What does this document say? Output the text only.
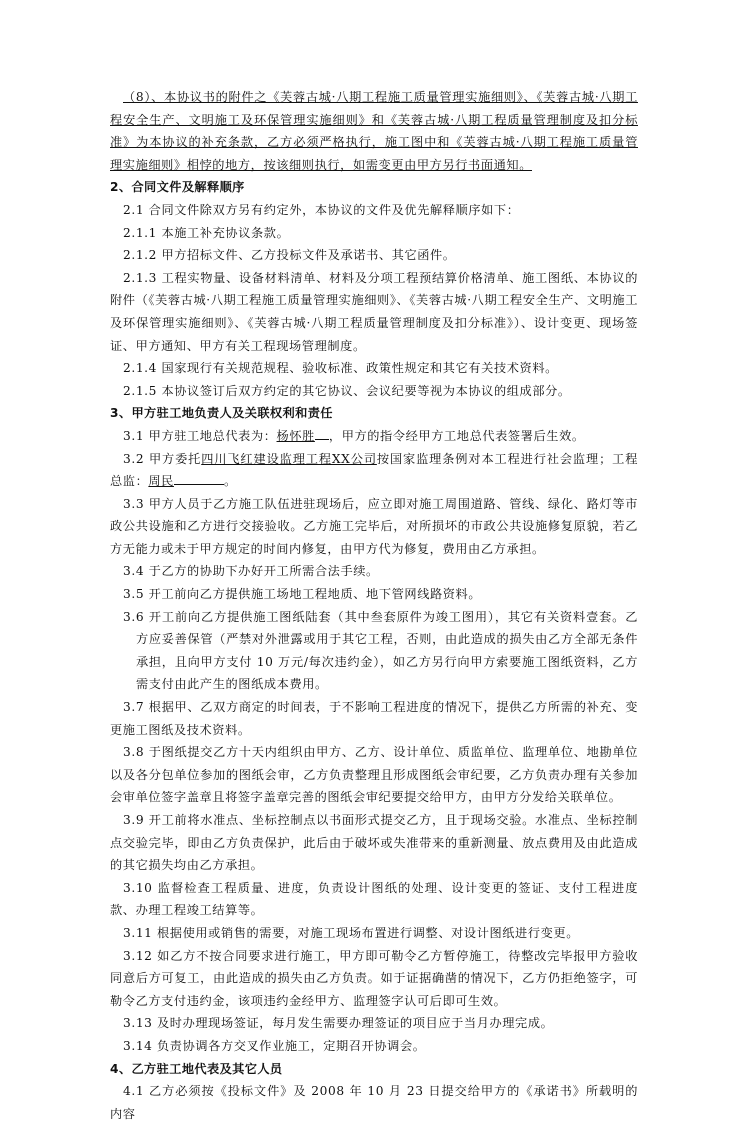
（8）、本协议书的附件之《芙蓉古城·八期工程施工质量管理实施细则》、《芙蓉古城·八期工程安全生产、文明施工及环保管理实施细则》和《芙蓉古城·八期工程质量管理制度及扣分标准》为本协议的补充条款，乙方必须严格执行，施工图中和《芙蓉古城·八期工程施工质量管理实施细则》相悖的地方，按该细则执行，如需变更由甲方另行书面通知。

2、合同文件及解释顺序

2.1 合同文件除双方另有约定外，本协议的文件及优先解释顺序如下：

2.1.1 本施工补充协议条款。

2.1.2 甲方招标文件、乙方投标文件及承诺书、其它函件。

2.1.3 工程实物量、设备材料清单、材料及分项工程预结算价格清单、施工图纸、本协议的附件（《芙蓉古城·八期工程施工质量管理实施细则》、《芙蓉古城·八期工程安全生产、文明施工及环保管理实施细则》、《芙蓉古城·八期工程质量管理制度及扣分标准》）、设计变更、现场签证、甲方通知、甲方有关工程现场管理制度。

2.1.4 国家现行有关规范规程、验收标准、政策性规定和其它有关技术资料。

2.1.5 本协议签订后双方约定的其它协议、会议纪要等视为本协议的组成部分。

3、甲方驻工地负责人及关联权利和责任

3.1 甲方驻工地总代表为：杨怀胜 ，甲方的指令经甲方工地总代表签署后生效。

3.2 甲方委托四川飞红建设监理工程XX公司按国家监理条例对本工程进行社会监理；工程总监：周民	。

3.3 甲方人员于乙方施工队伍进驻现场后，应立即对施工周围道路、管线、绿化、路灯等市政公共设施和乙方进行交接验收。乙方施工完毕后，对所损坏的市政公共设施修复原貌，若乙方无能力或未于甲方规定的时间内修复，由甲方代为修复，费用由乙方承担。

3.4 于乙方的协助下办好开工所需合法手续。

3.5 开工前向乙方提供施工场地工程地质、地下管网线路资料。

3.6 开工前向乙方提供施工图纸陆套（其中叁套原件为竣工图用），其它有关资料壹套。乙方应妥善保管（严禁对外泄露或用于其它工程，否则，由此造成的损失由乙方全部无条件承担，且向甲方支付 10 万元/每次违约金），如乙方另行向甲方索要施工图纸资料，乙方需支付由此产生的图纸成本费用。

3.7 根据甲、乙双方商定的时间表，于不影响工程进度的情况下，提供乙方所需的补充、变更施工图纸及技术资料。

3.8 于图纸提交乙方十天内组织由甲方、乙方、设计单位、质监单位、监理单位、地勘单位以及各分包单位参加的图纸会审，乙方负责整理且形成图纸会审纪要，乙方负责办理有关参加会审单位签字盖章且将签字盖章完善的图纸会审纪要提交给甲方，由甲方分发给关联单位。

3.9 开工前将水准点、坐标控制点以书面形式提交乙方，且于现场交验。水准点、坐标控制点交验完毕，即由乙方负责保护，此后由于破坏或失准带来的重新测量、放点费用及由此造成的其它损失均由乙方承担。

3.10 监督检查工程质量、进度，负责设计图纸的处理、设计变更的签证、支付工程进度款、办理工程竣工结算等。

3.11 根据使用或销售的需要，对施工现场布置进行调整、对设计图纸进行变更。

3.12 如乙方不按合同要求进行施工，甲方即可勒令乙方暂停施工，待整改完毕报甲方验收同意后方可复工，由此造成的损失由乙方负责。如于证据确凿的情况下，乙方仍拒绝签字，可勒令乙方支付违约金，该项违约金经甲方、监理签字认可后即可生效。

3.13 及时办理现场签证，每月发生需要办理签证的项目应于当月办理完成。

3.14 负责协调各方交叉作业施工，定期召开协调会。

4、乙方驻工地代表及其它人员

4.1 乙方必须按《投标文件》及 2008 年 10 月 23 日提交给甲方的《承诺书》所载明的内容
